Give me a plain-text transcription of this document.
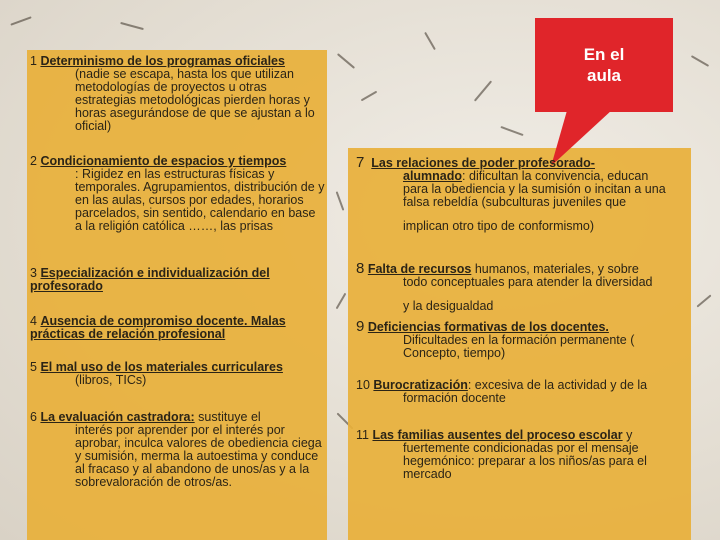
En el
aula
1 Determinismo de los programas oficiales
(nadie se escapa, hasta los que utilizan metodologías de proyectos u otras estrategias metodológicas pierden horas y horas asegurándose de que se ajustan a lo oficial)
2 Condicionamiento de espacios y tiempos
: Rigidez en las estructuras físicas y temporales. Agrupamientos, distribución de y en las aulas, cursos por edades, horarios parcelados, sin sentido, calendario en base a la religión católica ……, las prisas
3 Especialización e individualización del profesorado
4 Ausencia de compromiso docente. Malas prácticas de relación profesional
5 El mal uso de los materiales curriculares
(libros, TICs)
6 La evaluación castradora: sustituye el
interés por aprender por el interés por aprobar, inculca valores de obediencia ciega y sumisión, merma la autoestima y conduce al fracaso y al abandono de unos/as y a la sobrevaloración de otros/as.
7 Las relaciones de poder profesorado-
alumnado: dificultan la convivencia, educan
para la obediencia y la sumisión o incitan a una falsa rebeldía (subculturas juveniles que
implican otro tipo de conformismo)
8 Falta de recursos humanos, materiales, y sobre
todo conceptuales para atender la diversidad
y la desigualdad
9 Deficiencias formativas de los docentes.
Dificultades en la formación permanente ( Concepto, tiempo)
10 Burocratización: excesiva de la actividad y de la
formación docente
11 Las familias ausentes del proceso escolar y
fuertemente condicionadas por el mensaje hegemónico: preparar a los niños/as para el mercado
